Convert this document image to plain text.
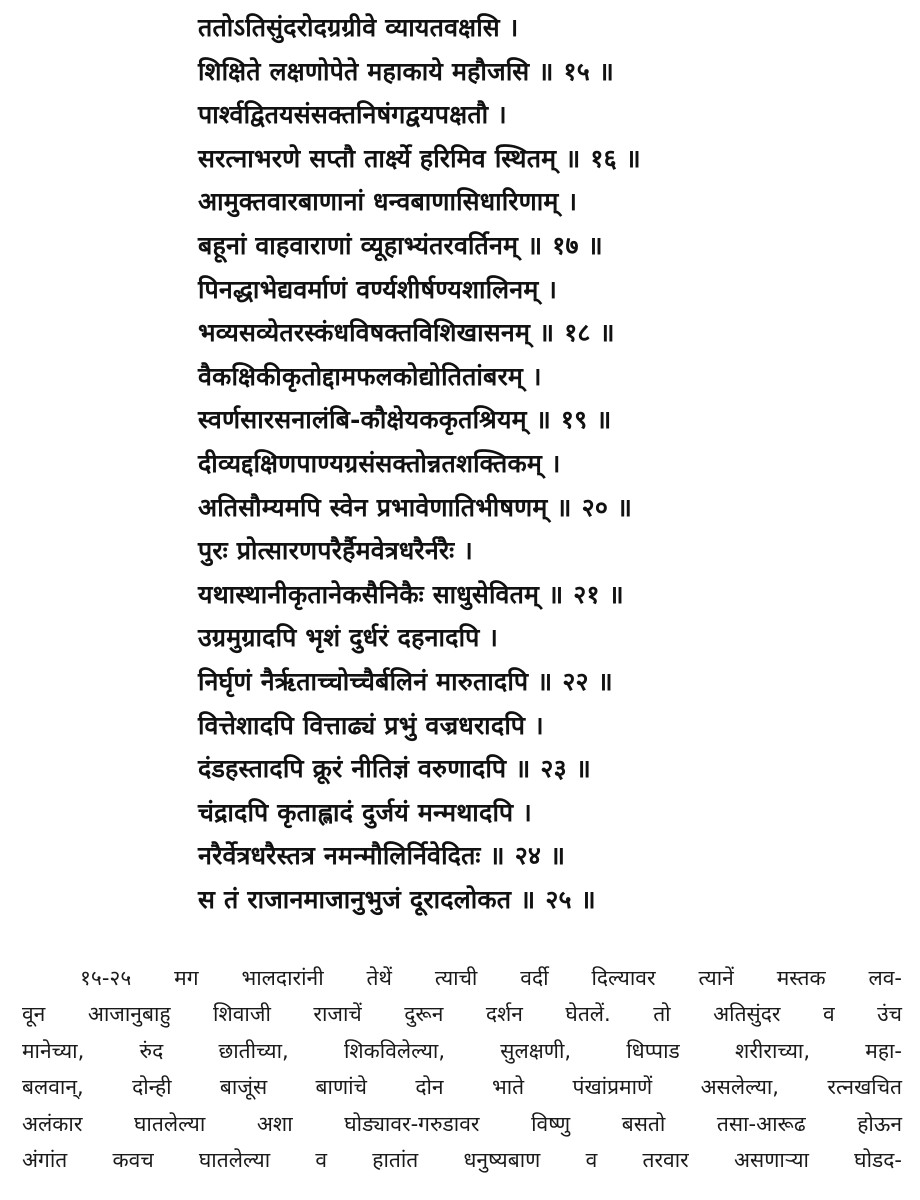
ततोऽतिसुंदरोदग्रग्रीवे व्यायतवक्षसि ।
शिक्षिते लक्षणोपेते महाकाये महौजसि ॥ १५ ॥
पार्श्वद्वितयसंसक्तनिषंगद्वयपक्षतौ ।
सरत्नाभरणे सप्तौ तार्क्ष्ये हरिमिव स्थितम् ॥ १६ ॥
आमुक्तवारबाणानां धन्वबाणासिधारिणाम् ।
बहूनां वाहवाराणां व्यूहाभ्यंतरवर्तिनम् ॥ १७ ॥
पिनद्धाभेद्यवर्माणं वर्ण्यशीर्षण्यशालिनम् ।
भव्यसव्येतरस्कंधविषक्तविशिखासनम् ॥ १८ ॥
वैकक्षिकीकृतोद्दामफलकोद्योतितांबरम् ।
स्वर्णसारसनालंबि-कौक्षेयककृतश्रियम् ॥ १९ ॥
दीव्यद्दक्षिणपाण्यग्रसंसक्तोन्नतशक्तिकम् ।
अतिसौम्यमपि स्वेन प्रभावेणातिभीषणम् ॥ २० ॥
पुरः प्रोत्सारणपरैर्हैमवेत्रधरैर्नरैः ।
यथास्थानीकृतानेकसैनिकैः साधुसेवितम् ॥ २१ ॥
उग्रमुग्रादपि भृशं दुर्धरं दहनादपि ।
निर्घृणं नैर्ऋताच्चोच्चैर्बलिनं मारुतादपि ॥ २२ ॥
वित्तेशादपि वित्ताढ्यं प्रभुं वज्रधरादपि ।
दंडहस्तादपि क्रूरं नीतिज्ञं वरुणादपि ॥ २३ ॥
चंद्रादपि कृताह्लादं दुर्जयं मन्मथादपि ।
नरैर्वेत्रधरैस्तत्र नमन्मौलिर्निवेदितः ॥ २४ ॥
स तं राजानमाजानुभुजं दूरादलोकत ॥ २५ ॥
१५-२५ मग भालदारांनी तेथें त्याची वर्दी दिल्यावर त्यानें मस्तक लव-
वून आजानुबाहु शिवाजी राजाचें दुरून दर्शन घेतलें. तो अतिसुंदर व उंच
मानेच्या, रुंद छातीच्या, शिकविलेल्या, सुलक्षणी, धिप्पाड शरीराच्या, महा-
बलवान्, दोन्ही बाजूंस बाणांचे दोन भाते पंखांप्रमाणें असलेल्या, रत्नखचित
अलंकार घातलेल्या अशा घोड्यावर-गरुडावर विष्णु बसतो तसा-आरूढ होऊन
अंगांत कवच घातलेल्या व हातांत धनुष्यबाण व तरवार असणाऱ्या घोडद-
